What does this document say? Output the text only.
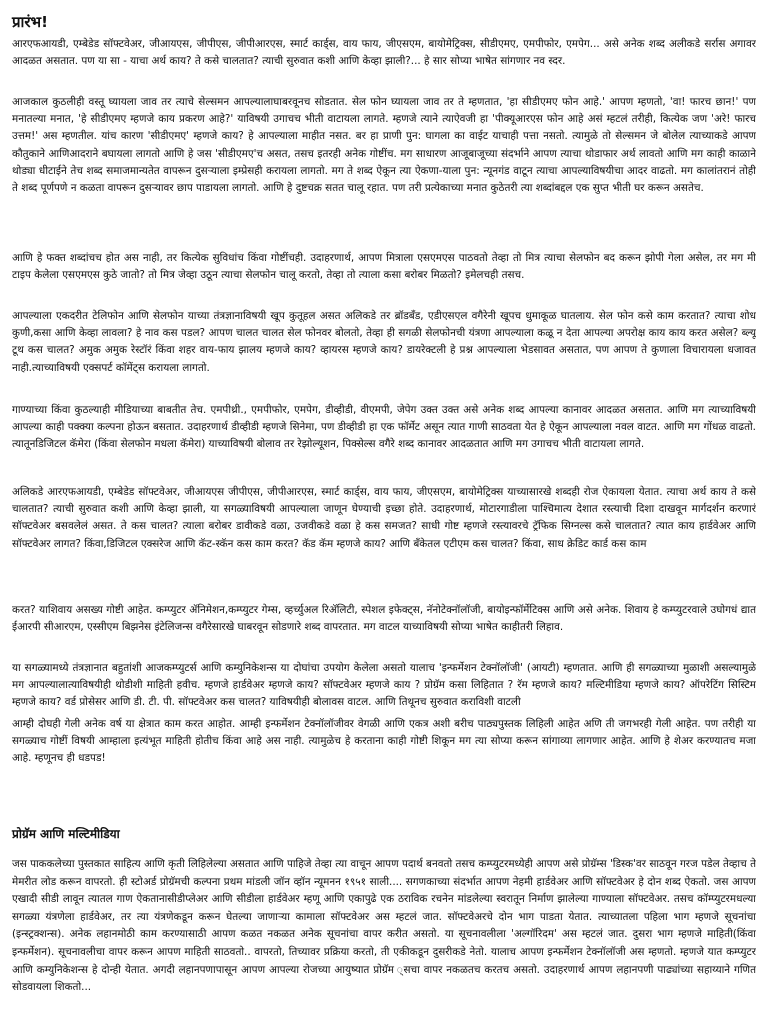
प्रारंभ!

आरएफआयडी, एम्बेडेड सॉफ्टवेअर, जीआयएस, जीपीएस, जीपीआरएस, स्मार्ट कार्ड्स, वाय फाय, जीएसएम, बायोमेट्रिक्स, सीडीएमए, एमपीफोर, एमपेग... असे अनेक शब्द अलीकडे सर्रास अगावर आदळत असतात. पण या सा - याचा अर्थ काय? ते कसे चालतात? त्याची सुरुवात कशी आणि केव्हा झाली?... हे सार सोप्या भाषेत सांगणार नव स्दर.

आजकाल कुठलीही वस्तू घ्यायला जाव तर त्याचे सेल्समन आपल्यालाघाबरवूनच सोडतात. सेल फोन घ्यायला जाव तर ते म्हणतात, 'हा सीडीएमए फोन आहे.' आपण म्हणतो, 'वा! फारच छान!' पण मनातल्या मनात, 'हे सीडीएमए म्हणजे काय प्रकरण आहे?' याविषयी उगाचच भीती वाटायला लागते. म्हणजे त्याने त्याऐवजी हा 'पीक्यूआरएस फोन आहे असं म्हटलं तरीही, कित्येक जण 'अरे! फारच उत्तम!' अस म्हणतील. यांच कारण 'सीडीएमए' म्हणजे काय? हे आपल्याला माहीत नसत. बर हा प्राणी पुन: घागला का वाईट याचाही पत्ता नसतो. त्यामुळे तो सेल्समन जे बोलेल त्याच्याकडे आपण कौतुकाने आणिआदराने बघायला लागतो आणि हे जस 'सीडीएमए'च असत, तसच इतरही अनेक गोष्टींच. मग साधारण आजूबाजूच्या संदर्भाने आपण त्याचा थोडाफार अर्थ लावतो आणि मग काही काळाने थोड्या धीटाईने तेच शब्द समाजमान्यतेत वापरून दुसऱ्याला इम्प्रेसही करायला लागतो. मग ते शब्द ऐकून त्या ऐकणा-याला पुन: न्यूनगंड वाटून त्याचा आपल्याविषयीचा आदर वाढतो. मग कालांतरानं तोही ते शब्द पूर्णपणे न कळता वापरून दुसऱ्यावर छाप पाडायला लागतो. आणि हे दुष्टचक्र सतत चालू रहात. पण तरी प्रत्येकाच्या मनात कुठेतरी त्या शब्दांबद्दल एक सुप्त भीती घर करून असतेच.

आणि हे फक्त शब्दांचच होत अस नाही, तर कित्येक सुविधांच किंवा गोष्टींचही. उदाहरणार्थ, आपण मित्राला एसएमएस पाठवतो तेव्हा तो मित्र त्याचा सेलफोन बद करून झोपी गेला असेल, तर मग मी टाइप केलेला एसएमएस कुठे जातो? तो मित्र जेव्हा उठून त्याचा सेलफोन चालू करतो, तेव्हा तो त्याला कसा बरोबर मिळतो? इमेलचही तसच.

आपल्याला एकदरीत टेलिफोन आणि सेलफोन याच्या तंत्रज्ञानाविषयी खूप कुतूहल असत अलिकडे तर ब्रॉडबँड, एडीएसएल वगैरेनी खूपच धुमाकूळ घातलाय. सेल फोन कसे काम करतात? त्याचा शोध कुणी,कसा आणि केव्हा लावला? हे नाव कस पडल? आपण चालत चालत सेल फोनवर बोलतो, तेव्हा ही सगळी सेलफोनची यंत्रणा आपल्याला कळू न देता आपल्या अपरोक्ष काय काय करत असेल? ब्ल्यू टूथ कस चालत? अमुक अमुक रेस्टॉरं किंवा शहर वाय-फाय झालय म्हणजे काय? व्हायरस म्हणजे काय? डायरेक्टली हे प्रश्न आपल्याला भेडसावत असतात, पण आपण ते कुणाला विचारायला धजावत नाही.त्याच्याविषयी एक्सपर्ट कॉमेंट्स करायला लागतो.

गाण्याच्या किंवा कुठल्याही मीडियाच्या बाबतीत तेच. एमपीथ्री., एमपीफोर, एमपेग, डीव्हीडी, वीएमपी, जेपेग उक्त उक्त असे अनेक शब्द आपल्या कानावर आदळत असतात. आणि मग त्याच्याविषयी आपल्या काही पक्क्या कल्पना होऊन बसतात. उदाहरणार्थ डीव्हीडी म्हणजे सिनेमा, पण डीव्हीडी हा एक फॉर्मेट असून त्यात गाणी साठवता येत हे ऐकून आपल्याला नवल वाटत. आणि मग गोंधळ वाढतो. त्यातूनडिजिटल कॅमेरा (किंवा सेलफोन मधला कॅमेरा) याच्याविषयी बोलाव तर रेझोल्यूशन, पिक्सेल्स वगैरे शब्द कानावर आदळतात आणि मग उगाचच भीती वाटायला लागते.

अलिकडे आरएफआयडी, एम्बेडेड सॉफ्टवेअर, जीआयएस जीपीएस, जीपीआरएस, स्मार्ट कार्ड्स, वाय फाय, जीएसएम, बायोमेट्रिक्स याच्यासारखे शब्दही रोज ऐकायला येतात. त्याचा अर्थ काय ते कसे चालतात? त्याची सुरुवात कशी आणि केव्हा झाली, या सगळ्याविषयी आपल्याला जाणून घेण्याची इच्छा होते. उदाहरणार्थ, मोटारगाडीला पाश्चिमात्य देशात रस्त्याची दिशा दाखवून मार्गदर्शन करणारं सॉफ्टवेअर बसवलेलं असत. ते कस चालत? त्याला बरोबर डावीकडे वळा, उजवीकडे वळा हे कस समजत? साधी गोष्ट म्हणजे रस्त्यावरचे ट्रॅफिक सिग्नल्स कसे चालतात? त्यात काय हार्डवेअर आणि सॉफ्टवेअर लागत? किंवा,डिजिटल एक्सरेज आणि कॅट-स्कॅन कस काम करत? कॅड कॅम म्हणजे काय? आणि बँकेतल एटीएम कस चालत? किंवा, साध क्रेडिट कार्ड कस काम

करत? याशिवाय असख्य गोष्टी आहेत. कम्प्युटर ॲनिमेशन,कम्प्युटर गेम्स, व्हर्च्युअल रिॲलिटी, स्पेशल इफेक्ट्स, नॅनोटेक्नॉलॉजी, बायोइन्फॉर्मेटिक्स आणि असे अनेक. शिवाय हे कम्प्युटरवाले उघोगधं द्यात ईआरपी सीआरएम, एस्सीएम बिझनेस इंटेलिजन्स वगैरेसारखे घाबरवून सोडणारे शब्द वापरतात. मग वाटल याच्याविषयी सोप्या भाषेत काहीतरी लिहाव.

या सगळ्यामध्ये तंत्रज्ञानात बहुतांशी आजकम्प्युटर्स आणि कम्युनिकेशन्स या दोघांचा उपयोग केलेला असतो यालाच 'इन्फर्मेशन टेक्नॉलॉजी' (आयटी) म्हणतात. आणि ही सगळ्याच्या मुळाशी असल्यामुळे मग आपल्यालात्याविषयीही थोडीशी माहिती हवीच. म्हणजे हार्डवेअर म्हणजे काय? सॉफ्टवेअर म्हणजे काय ? प्रोग्रॅम कसा लिहितात ? रॅम म्हणजे काय? मल्टिमीडिया म्हणजे काय? ऑपरेटिंग सिस्टिम म्हणजे काय? वर्ड प्रोसेसर आणि डी. टी. पी. सॉफ्टवेअर कस चालत? याविषयीही बोलावस वाटल. आणि तिथूनच सुरुवात कराविशी वाटली

आम्ही दोघही गेली अनेक वर्ष या क्षेत्रात काम करत आहोत. आम्ही इन्फर्मेशन टेक्नॉलॉजीवर वेगळी आणि एकत्र अशी बरीच पाठ्यपुस्तक लिहिली आहेत अणि ती जगभरही गेली आहेत. पण तरीही या सगळ्याच गोष्टीं विषयी आम्हाला इत्यंभूत माहिती होतीच किंवा आहे अस नाही. त्यामुळेच हे करताना काही गोष्टी शिकून मग त्या सोप्या करून सांगाव्या लागणार आहेत. आणि हे शेअर करण्यातच मजा आहे. म्हणूनच ही धडपड!

प्रोग्रॅम आणि मल्टिमीडिया

जस पाककलेच्या पुस्तकात साहित्य आणि कृती लिहिलेल्या असतात आणि पाहिजे तेव्हा त्या वाचून आपण पदार्थ बनवतो तसच कम्प्युटरमध्येही आपण असे प्रोग्रॅम्स 'डिस्क'वर साठवून गरज पडेल तेव्हाच ते मेमरीत लोड करून वापरतो. ही स्टोअर्ड प्रोग्रॅमची कल्पना प्रथम मांडली जॉन व्हॉन न्यूमनन १९५१ साली.... सगणकाच्या संदर्भात आपण नेहमी हार्डवेअर आणि सॉफ्टवेअर हे दोन शब्द ऐकतो. जस आपण एखादी सीडी लावून त्यातल गाण ऐकतानासीडीप्लेअर आणि सीडीला हार्डवेअर म्हणू आणि एकापुढे एक ठराविक रचनेन मांडलेल्या स्वरातून निर्माण झालेल्या गाण्याला सॉफ्टवेअर. तसच कॉम्प्युटरमधल्या सगळ्या यंत्रणेला हार्डवेअर, तर त्या यंत्रणेकडून करून घेतल्या जाणाऱ्या कामाला सॉफ्टवेअर अस म्हटलं जात. सॉफ्टवेअरचे दोन भाग पाडता येतात. त्याच्यातला पहिला भाग म्हणजे सूचनांचा (इन्स्ट्रक्शन्स). अनेक लहानमोठी काम करण्यासाठी आपण कळत नकळत अनेक सूचनांचा वापर करीत असतो. या सूचनावलीला 'अल्गॉरिदम' अस म्हटलं जात. दुसरा भाग म्हणजे माहिती(किंवा इन्फर्मेशन). सूचनावलीचा वापर करून आपण माहिती साठवतो.. वापरतो, तिच्यावर प्रक्रिया करतो, ती एकीकडून दुसरीकडे नेतो. यालाच आपण इन्फर्मेशन टेक्नॉलॉजी अस म्हणतो. म्हणजे यात कम्प्युटर आणि कम्युनिकेशन्स हे दोन्ही येतात. अगदी लहानपणापासून आपण आपल्या रोजच्या आयुष्यात प्रोग्रॅम ्सचा वापर नकळतच करतच असतो. उदाहरणार्थ आपण लहानपणी पाढ्यांच्या सहाय्याने गणित सोडवायला शिकतो...
